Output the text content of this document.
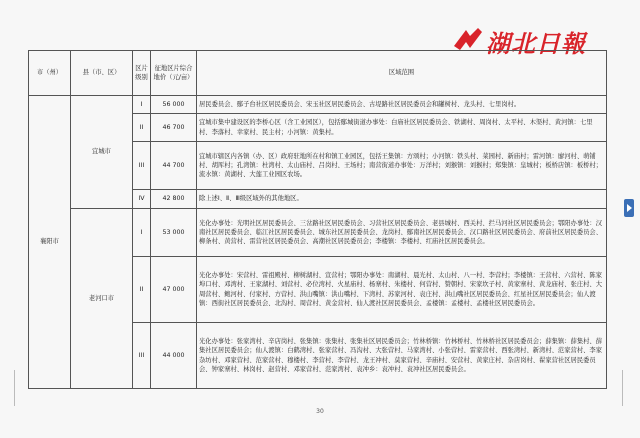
湖北日報
市（州）	县（市、区）	区片级别	征地区片综合地价（元/亩）	区域范围
襄阳市	宜城市	I	56 000	居民委员会、鄢子台社区居民委员会、宋玉社区居民委员会、古堤路社区居民委员会和罐树村、龙头村、七里岗村。
		II	46 700	宜城市集中建设区的李桥心区（含工业园区），包括鄢城街道办事处：白庙社区居民委员会、铁湖村、周岗村、太平村、木渠村、黄河镇：七里村、李落村、幸家村、民主村；小河镇：黄集村。
		III	44 700	宜城市辖区内各镇（办、区）政府驻地所在村和镇工业园区，包括王集镇：方颂村；小河镇：铁头村、菜园村、新庙村；雷河镇：廖河村、萌铺村、胡厍村；孔湾镇：杜湾村、太山庙村、吕岗村、王场村；南营街道办事处：万洋村；刘猴镇：刘猴村；郑集镇：皇城村；板桥店镇：板桥村；流水镇：黄湖村、大莲工业园区农场。
		IV	42 800	除上述Ⅰ、Ⅱ、Ⅲ级区域外的其他地区。
	老河口市	I	53 000	光化办事处：光明社区居民委员会、三岔路社区居民委员会、习营社区居民委员会、老县城村、西关村、拦马河社区居民委员会；鄂阳办事处：汉南社区居民委员会、临江社区居民委员会、城东社区居民委员会、龙岗村、鄢南社区居民委员会、汉口路社区居民委员会、府前社区居民委员会、柳条村、黄营村、雷营社区居民委员会、高潮社区居民委员会；李楼镇：李楼村、红庙社区居民委员会。
		II	47 000	光化办事处：宋营村、雷祖殿村、柳树湖村、宣营村；鄂阳办事处：南湖村、晨光村、太山村、八一村、李营村；李楼镇：王营村、六营村、陈家埠口村、邓湾村、王家湖村、刘营村、必位湾村、火星庙村、杨寨村、朱楼村、何营村、赞朝村、宋家坎子村、黄家寨村、黄龙庙村、张庄村、大周营村、鲍河村、付家村、方营村、洪山嘴镇：洪山嘴村、下湾村、苏家河村、袁庄村、洪山嘴社区居民委员会、红星社区居民委员会；仙人渡镇：西街社区居民委员会、北沟村、周营村、黄金营村、仙人渡社区居民委员会、孟楼镇：孟楼村、孟楼社区居民委员会。
		III	44 000	光化办事处：张家湾村、辛店岗村、张集镇：张集村、张集社区居民委员会；竹林桥镇：竹林桥村、竹林桥社区居民委员会；薛集镇：薛集村、薛集社区居民委员会；仙人渡镇：白鹤湾村、张家营村、冯沟村、大张营村、马家湾村、小张营村、雷家营村、西张湾村、新湾村、范家营村、李家杂坊村、邓家营村、范家营村、穆楼村、李营村、李营村、龙王冲村、莫家营村、辛庙村、安营村、黄家庄村、杂店岗村、翟家营社区居民委员会、钟家寨村、林岗村、赵营村、邓家营村、范家湾村、袁冲乡：袁冲村、袁冲社区居民委员会。
30
